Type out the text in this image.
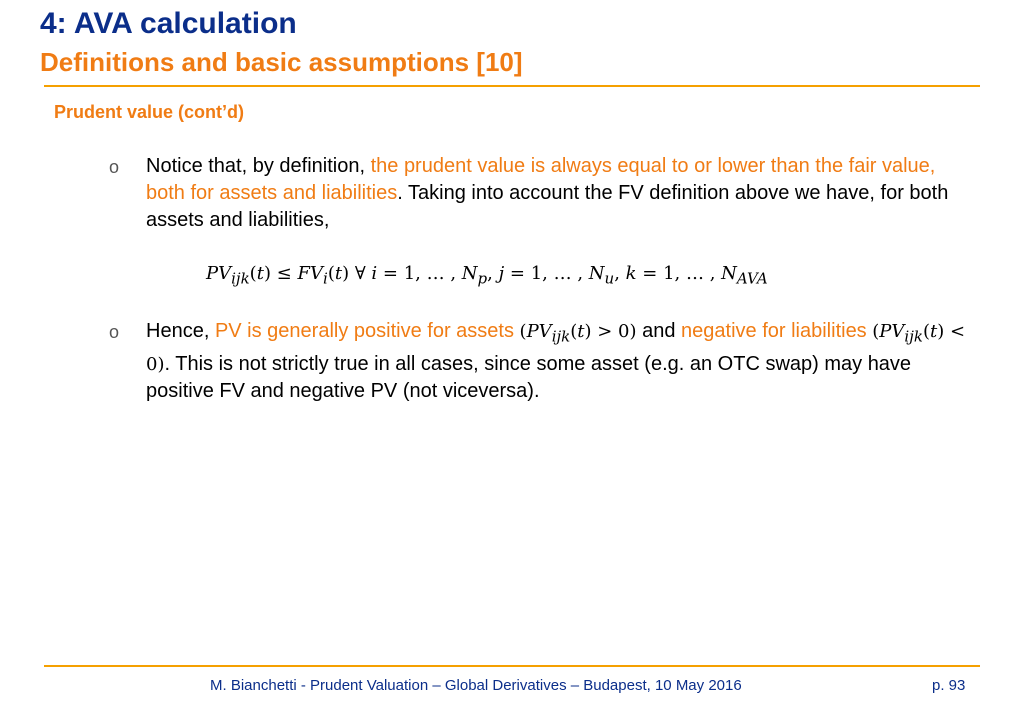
4: AVA calculation
Definitions and basic assumptions [10]
Prudent value (cont’d)
o Notice that, by definition, the prudent value is always equal to or lower than the fair value, both for assets and liabilities. Taking into account the FV definition above we have, for both assets and liabilities,
$PV_{ijk}(t) \le FV_i(t)$ ∀ i = 1, … , $N_p$, j = 1, … , $N_u$, k = 1, … , $N_{AVA}$
o Hence, PV is generally positive for assets $(PV_{ijk}(t) > 0)$ and negative for liabilities $(PV_{ijk}(t) < 0)$. This is not strictly true in all cases, since some asset (e.g. an OTC swap) may have positive FV and negative PV (not viceversa).
M. Bianchetti - Prudent Valuation – Global Derivatives – Budapest, 10 May 2016	p. 93
